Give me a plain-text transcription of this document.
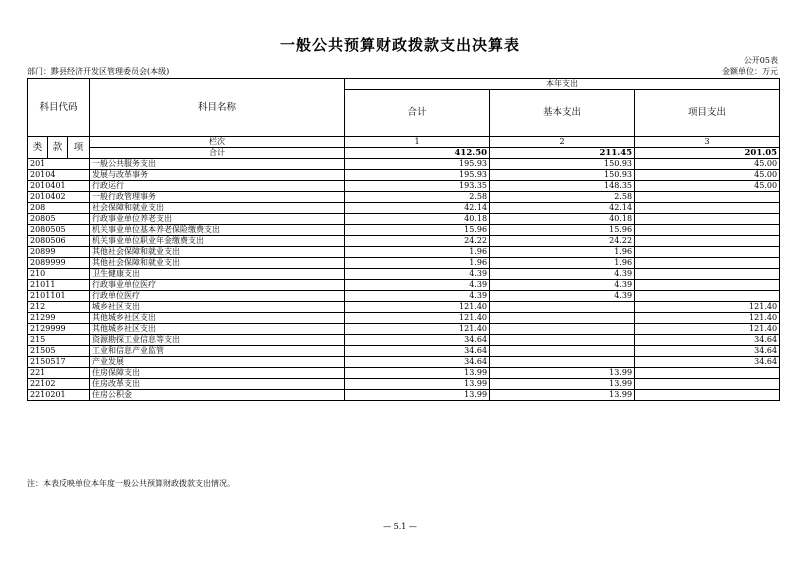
一般公共预算财政拨款支出决算表
公开05表
部门：黟县经济开发区管理委员会(本级)	金额单位：万元
科目代码			科目名称	本年支出		
				合计	基本支出	项目支出

类	款	项	栏次	1	2	3
			合计	412.50	211.45	201.05
201			一般公共服务支出	195.93	150.93	45.00
20104			发展与改革事务	195.93	150.93	45.00
2010401			行政运行	193.35	148.35	45.00
2010402			一般行政管理事务	2.58	2.58	
208			社会保障和就业支出	42.14	42.14	
20805			行政事业单位养老支出	40.18	40.18	
2080505			机关事业单位基本养老保险缴费支出	15.96	15.96	
2080506			机关事业单位职业年金缴费支出	24.22	24.22	
20899			其他社会保障和就业支出	1.96	1.96	
2089999			其他社会保障和就业支出	1.96	1.96	
210			卫生健康支出	4.39	4.39	
21011			行政事业单位医疗	4.39	4.39	
2101101			行政单位医疗	4.39	4.39	
212			城乡社区支出	121.40		121.40
21299			其他城乡社区支出	121.40		121.40
2129999			其他城乡社区支出	121.40		121.40
215			资源勘探工业信息等支出	34.64		34.64
21505			工业和信息产业监管	34.64		34.64
2150517			产业发展	34.64		34.64
221			住房保障支出	13.99	13.99	
22102			住房改革支出	13.99	13.99	
2210201			住房公积金	13.99	13.99	
注：本表反映单位本年度一般公共预算财政拨款支出情况。
— 5.1 —
